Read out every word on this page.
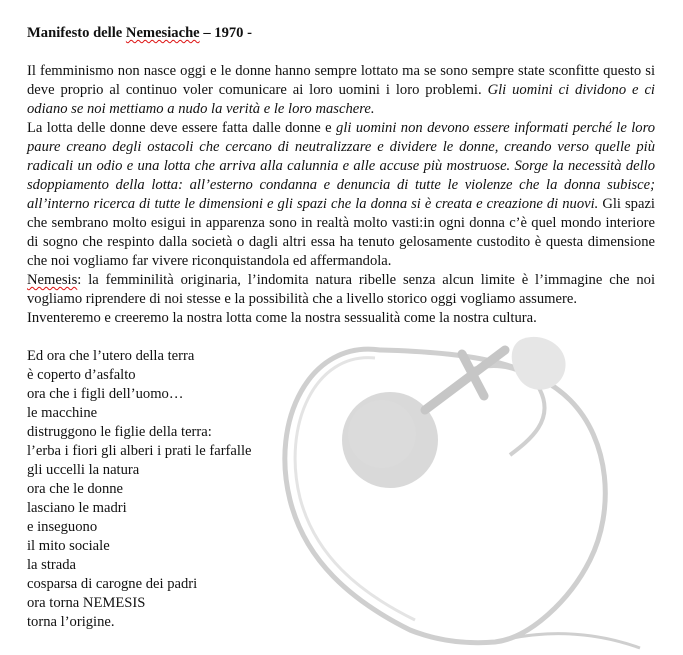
Manifesto delle Nemesiache – 1970 -

Il femminismo non nasce oggi e le donne hanno sempre lottato ma se sono sempre state sconfitte questo si deve proprio al continuo voler comunicare ai loro uomini i loro problemi. Gli uomini ci dividono e ci odiano se noi mettiamo a nudo la verità e le loro maschere.

La lotta delle donne deve essere fatta dalle donne e gli uomini non devono essere informati perché le loro paure creano degli ostacoli che cercano di neutralizzare e dividere le donne, creando verso quelle più radicali un odio e una lotta che arriva alla calunnia e alle accuse più mostruose. Sorge la necessità dello sdoppiamento della lotta: all’esterno condanna e denuncia di tutte le violenze che la donna subisce; all’interno ricerca di tutte le dimensioni e gli spazi che la donna si è creata e creazione di nuovi. Gli spazi che sembrano molto esigui in apparenza sono in realtà molto vasti:in ogni donna c’è quel mondo interiore di sogno che respinto dalla società o dagli altri essa ha tenuto gelosamente custodito è questa dimensione che noi vogliamo far vivere riconquistandola ed affermandola.

Nemesis: la femminilità originaria, l’indomita natura ribelle senza alcun limite è l’immagine che noi vogliamo riprendere di noi stesse e la possibilità che a livello storico oggi vogliamo assumere.

Inventeremo e creeremo la nostra lotta come la nostra sessualità come la nostra cultura.

Ed ora che l’utero della terra
è coperto d’asfalto
ora che i figli dell’uomo…
le macchine
distruggono le figlie della terra:
l’erba i fiori gli alberi i prati le farfalle
gli uccelli la natura
ora che le donne
lasciano le madri
e inseguono
il mito sociale
la strada
cosparsa di carogne dei padri
ora torna NEMESIS
torna l’origine.
